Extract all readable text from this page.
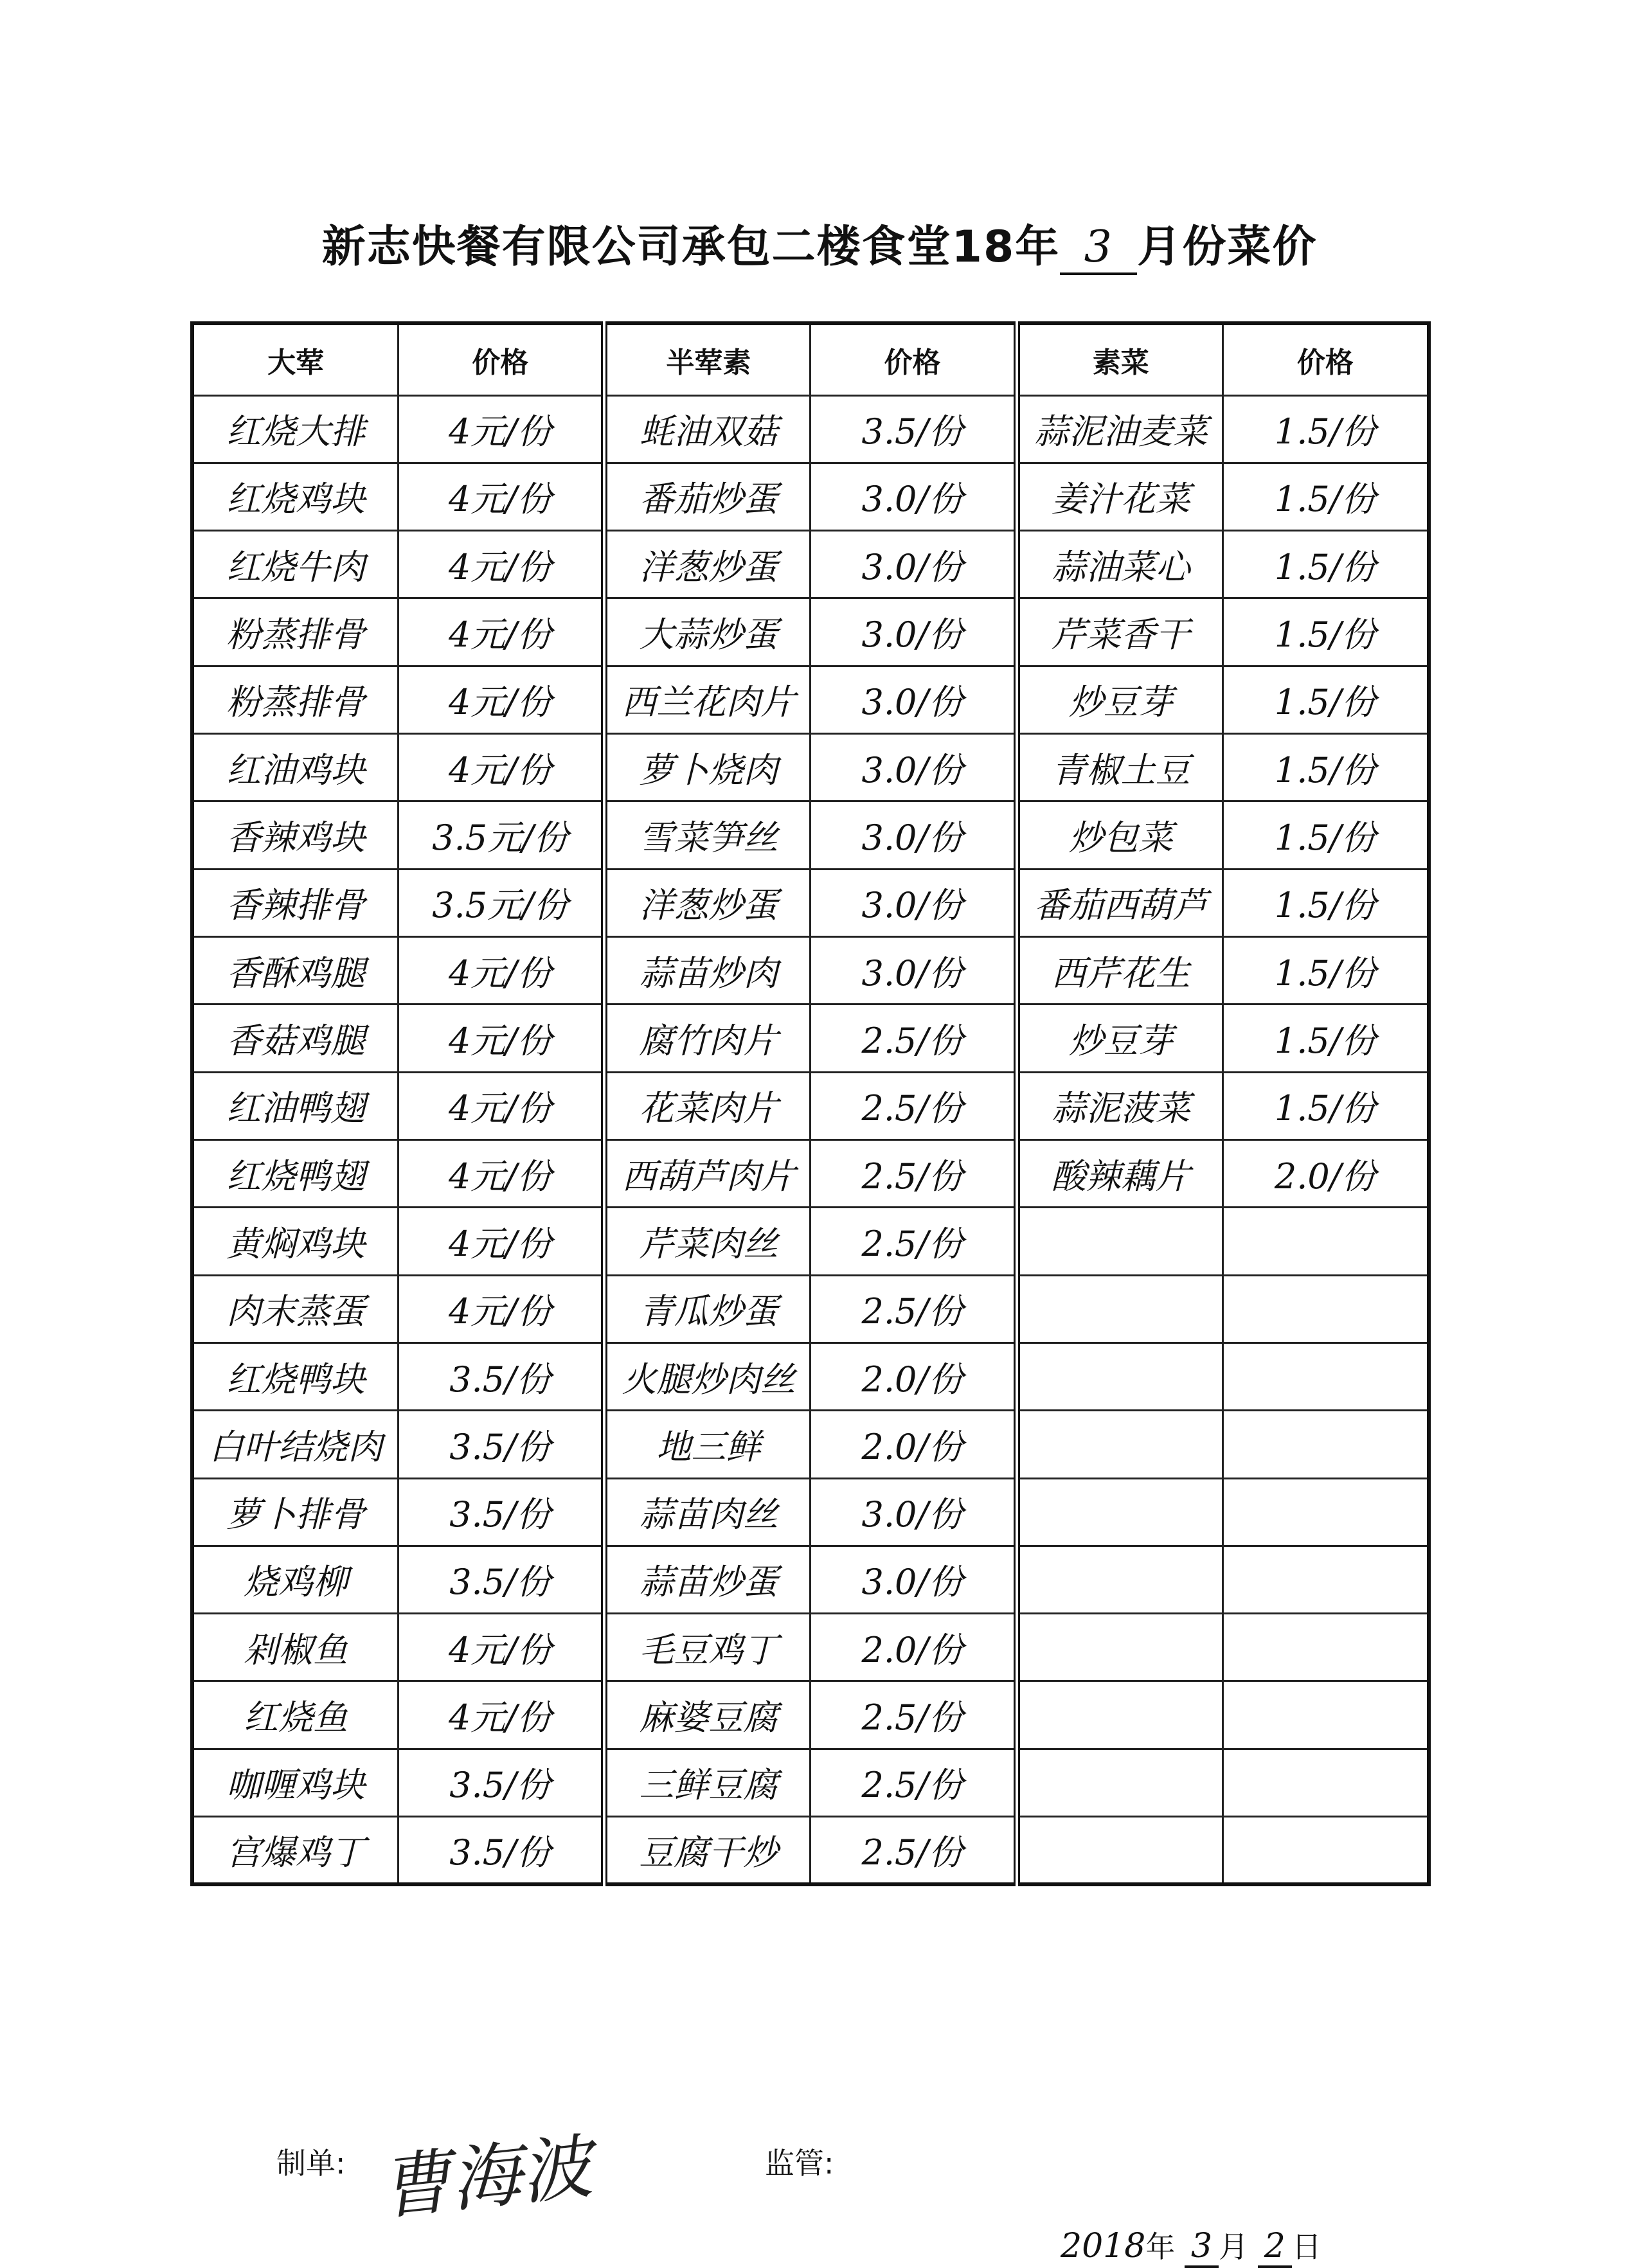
新志快餐有限公司承包二楼食堂18年 3 月份菜价
大荤	价格	半荤素	价格	素菜	价格
红烧大排	4元/份	蚝油双菇	3.5/份	蒜泥油麦菜	1.5/份
红烧鸡块	4元/份	番茄炒蛋	3.0/份	姜汁花菜	1.5/份
红烧牛肉	4元/份	洋葱炒蛋	3.0/份	蒜油菜心	1.5/份
粉蒸排骨	4元/份	大蒜炒蛋	3.0/份	芹菜香干	1.5/份
粉蒸排骨	4元/份	西兰花肉片	3.0/份	炒豆芽	1.5/份
红油鸡块	4元/份	萝卜烧肉	3.0/份	青椒土豆	1.5/份
香辣鸡块	3.5元/份	雪菜笋丝	3.0/份	炒包菜	1.5/份
香辣排骨	3.5元/份	洋葱炒蛋	3.0/份	番茄西葫芦	1.5/份
香酥鸡腿	4元/份	蒜苗炒肉	3.0/份	西芹花生	1.5/份
香菇鸡腿	4元/份	腐竹肉片	2.5/份	炒豆芽	1.5/份
红油鸭翅	4元/份	花菜肉片	2.5/份	蒜泥菠菜	1.5/份
红烧鸭翅	4元/份	西葫芦肉片	2.5/份	酸辣藕片	2.0/份
黄焖鸡块	4元/份	芹菜肉丝	2.5/份		
肉末蒸蛋	4元/份	青瓜炒蛋	2.5/份		
红烧鸭块	3.5/份	火腿炒肉丝	2.0/份		
白叶结烧肉	3.5/份	地三鲜	2.0/份		
萝卜排骨	3.5/份	蒜苗肉丝	3.0/份		
烧鸡柳	3.5/份	蒜苗炒蛋	3.0/份		
剁椒鱼	4元/份	毛豆鸡丁	2.0/份		
红烧鱼	4元/份	麻婆豆腐	2.5/份		
咖喱鸡块	3.5/份	三鲜豆腐	2.5/份		
宫爆鸡丁	3.5/份	豆腐干炒	2.5/份		
制单: 曹海波	监管:
2018年 3 月 2 日
